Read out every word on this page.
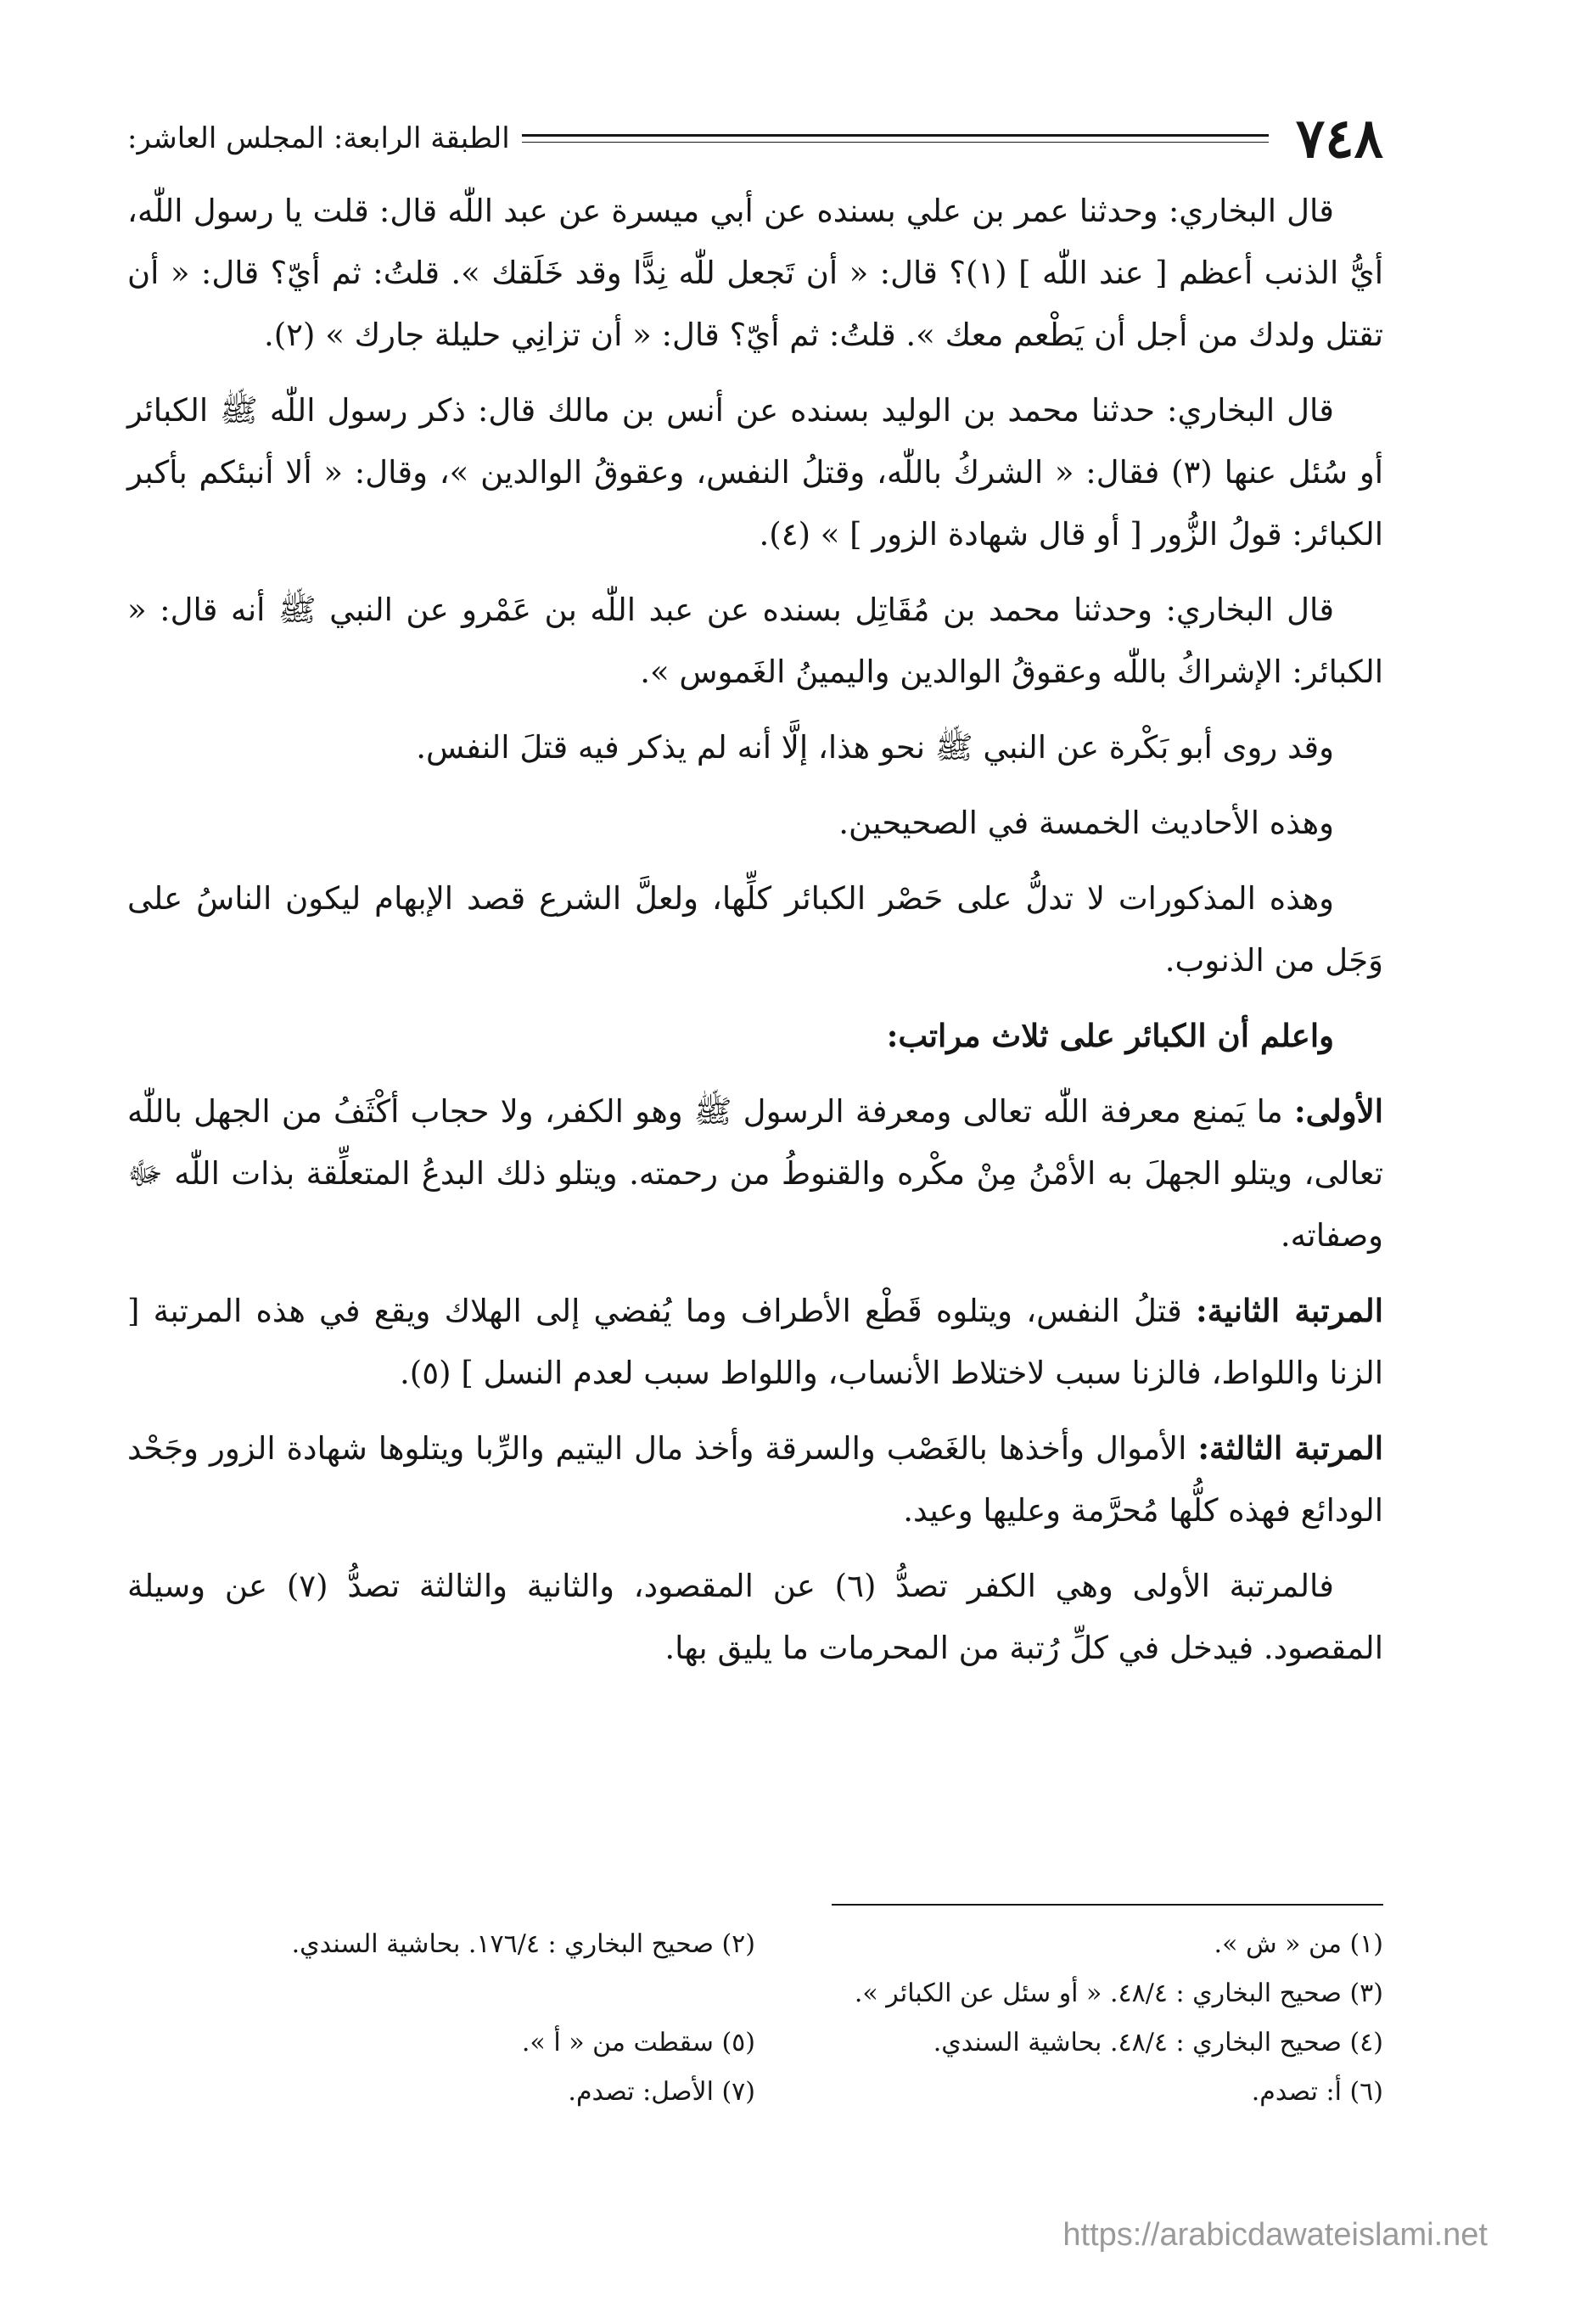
٧٤٨
الطبقة الرابعة: المجلس العاشر:

قال البخاري: وحدثنا عمر بن علي بسنده عن أبي ميسرة عن عبد اللّٰه قال: قلت يا رسول اللّٰه، أيُّ الذنب أعظم [ عند اللّٰه ] (١)؟ قال: « أن تَجعل للّٰه نِدًّا وقد خَلَقك ». قلتُ: ثم أيّ؟ قال: « أن تقتل ولدك من أجل أن يَطْعم معك ». قلتُ: ثم أيّ؟ قال: « أن تزانِي حليلة جارك » (٢).

قال البخاري: حدثنا محمد بن الوليد بسنده عن أنس بن مالك قال: ذكر رسول اللّٰه ﷺ الكبائر أو سُئل عنها (٣) فقال: « الشركُ باللّٰه، وقتلُ النفس، وعقوقُ الوالدين »، وقال: « ألا أنبئكم بأكبر الكبائر: قولُ الزُّور [ أو قال شهادة الزور ] » (٤).

قال البخاري: وحدثنا محمد بن مُقَاتِل بسنده عن عبد اللّٰه بن عَمْرو عن النبي ﷺ أنه قال: « الكبائر: الإشراكُ باللّٰه وعقوقُ الوالدين واليمينُ الغَموس ».

وقد روى أبو بَكْرة عن النبي ﷺ نحو هذا، إلَّا أنه لم يذكر فيه قتلَ النفس.

وهذه الأحاديث الخمسة في الصحيحين.

وهذه المذكورات لا تدلُّ على حَصْر الكبائر كلِّها، ولعلَّ الشرع قصد الإبهام ليكون الناسُ على وَجَل من الذنوب.

واعلم أن الكبائر على ثلاث مراتب:

الأولى: ما يَمنع معرفة اللّٰه تعالى ومعرفة الرسول ﷺ وهو الكفر، ولا حجاب أكْثَفُ من الجهل باللّٰه تعالى، ويتلو الجهلَ به الأمْنُ مِنْ مكْره والقنوطُ من رحمته. ويتلو ذلك البدعُ المتعلِّقة بذات اللّٰه ﷻ وصفاته.

المرتبة الثانية: قتلُ النفس، ويتلوه قَطْع الأطراف وما يُفضي إلى الهلاك ويقع في هذه المرتبة [ الزنا واللواط، فالزنا سبب لاختلاط الأنساب، واللواط سبب لعدم النسل ] (٥).

المرتبة الثالثة: الأموال وأخذها بالغَصْب والسرقة وأخذ مال اليتيم والرِّبا ويتلوها شهادة الزور وجَحْد الودائع فهذه كلُّها مُحرَّمة وعليها وعيد.

فالمرتبة الأولى وهي الكفر تصدُّ (٦) عن المقصود، والثانية والثالثة تصدُّ (٧) عن وسيلة المقصود. فيدخل في كلِّ رُتبة من المحرمات ما يليق بها.

(١) من « ش ».
(٢) صحيح البخاري : ١٧٦/٤. بحاشية السندي.
(٣) صحيح البخاري : ٤٨/٤. « أو سئل عن الكبائر ».
(٤) صحيح البخاري : ٤٨/٤. بحاشية السندي.
(٥) سقطت من « أ ».
(٦) أ: تصدم.
(٧) الأصل: تصدم.
https://arabicdawateislami.net
